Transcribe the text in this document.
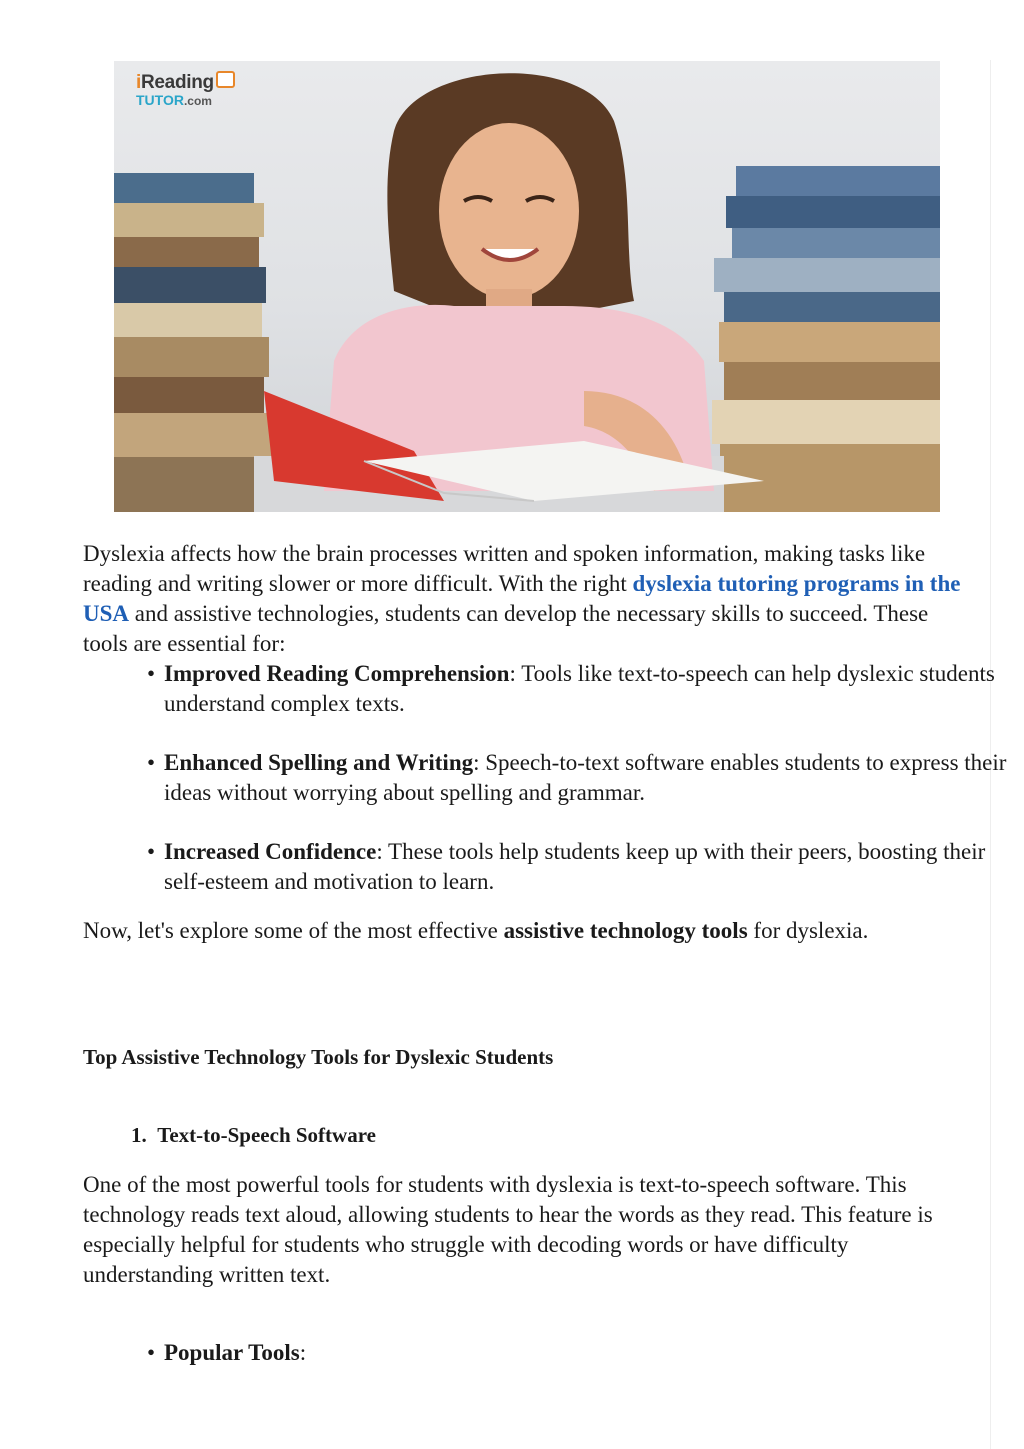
iReading
TUTOR.com

Dyslexia affects how the brain processes written and spoken information, making tasks like reading and writing slower or more difficult. With the right dyslexia tutoring programs in the USA and assistive technologies, students can develop the necessary skills to succeed. These tools are essential for:

• Improved Reading Comprehension: Tools like text-to-speech can help dyslexic students understand complex texts.

• Enhanced Spelling and Writing: Speech-to-text software enables students to express their ideas without worrying about spelling and grammar.

• Increased Confidence: These tools help students keep up with their peers, boosting their self-esteem and motivation to learn.

Now, let's explore some of the most effective assistive technology tools for dyslexia.

Top Assistive Technology Tools for Dyslexic Students
1. Text-to-Speech Software

One of the most powerful tools for students with dyslexia is text-to-speech software. This technology reads text aloud, allowing students to hear the words as they read. This feature is especially helpful for students who struggle with decoding words or have difficulty understanding written text.

• Popular Tools:
